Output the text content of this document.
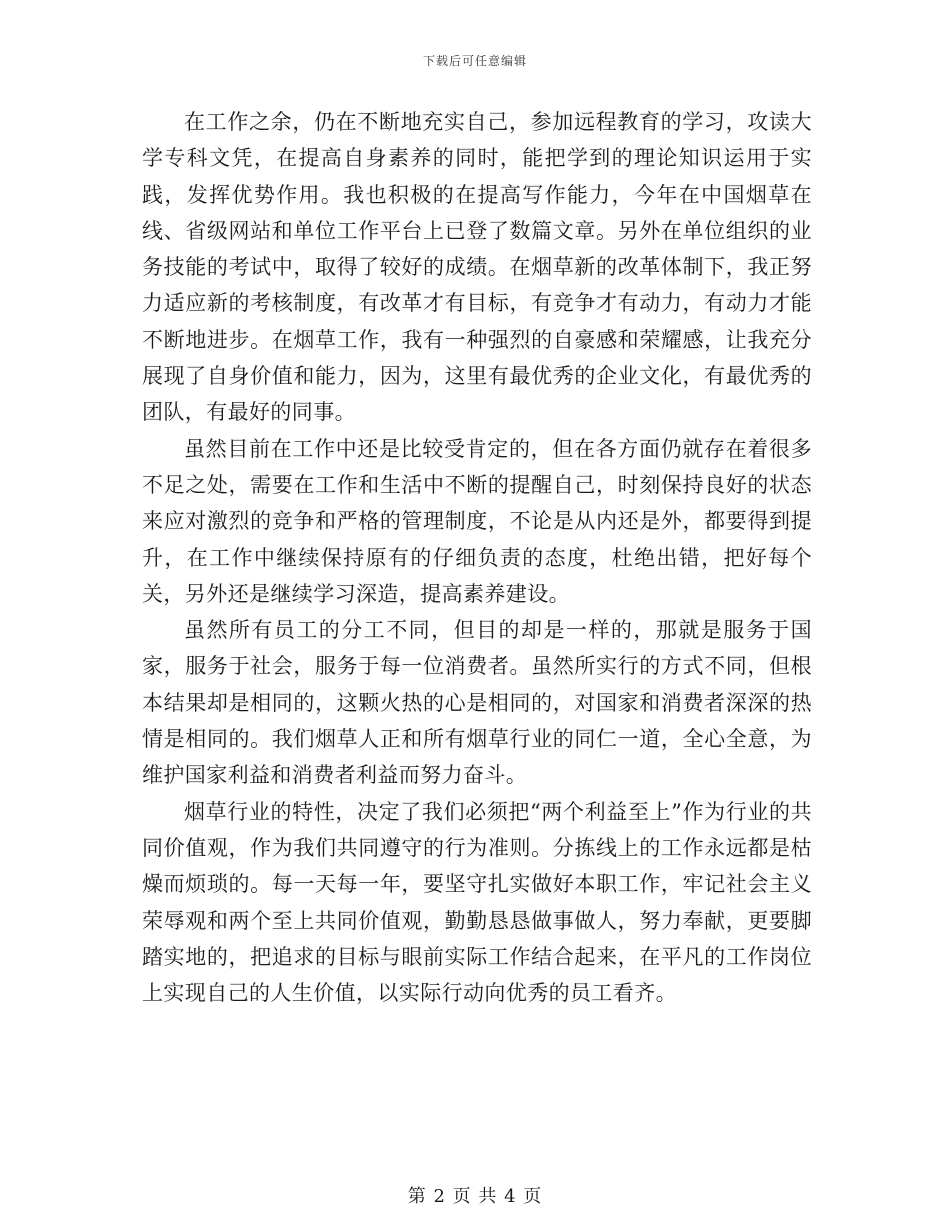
下载后可任意编辑

在工作之余，仍在不断地充实自己，参加远程教育的学习，攻读大学专科文凭，在提高自身素养的同时，能把学到的理论知识运用于实践，发挥优势作用。我也积极的在提高写作能力，今年在中国烟草在线、省级网站和单位工作平台上已登了数篇文章。另外在单位组织的业务技能的考试中，取得了较好的成绩。在烟草新的改革体制下，我正努力适应新的考核制度，有改革才有目标，有竞争才有动力，有动力才能不断地进步。在烟草工作，我有一种强烈的自豪感和荣耀感，让我充分展现了自身价值和能力，因为，这里有最优秀的企业文化，有最优秀的团队，有最好的同事。

虽然目前在工作中还是比较受肯定的，但在各方面仍就存在着很多不足之处，需要在工作和生活中不断的提醒自己，时刻保持良好的状态来应对激烈的竞争和严格的管理制度，不论是从内还是外，都要得到提升，在工作中继续保持原有的仔细负责的态度，杜绝出错，把好每个关，另外还是继续学习深造，提高素养建设。

虽然所有员工的分工不同，但目的却是一样的，那就是服务于国家，服务于社会，服务于每一位消费者。虽然所实行的方式不同，但根本结果却是相同的，这颗火热的心是相同的，对国家和消费者深深的热情是相同的。我们烟草人正和所有烟草行业的同仁一道，全心全意，为维护国家利益和消费者利益而努力奋斗。

烟草行业的特性，决定了我们必须把“两个利益至上”作为行业的共同价值观，作为我们共同遵守的行为准则。分拣线上的工作永远都是枯燥而烦琐的。每一天每一年，要坚守扎实做好本职工作，牢记社会主义荣辱观和两个至上共同价值观，勤勤恳恳做事做人，努力奉献，更要脚踏实地的，把追求的目标与眼前实际工作结合起来，在平凡的工作岗位上实现自己的人生价值，以实际行动向优秀的员工看齐。

第 2 页 共 4 页
